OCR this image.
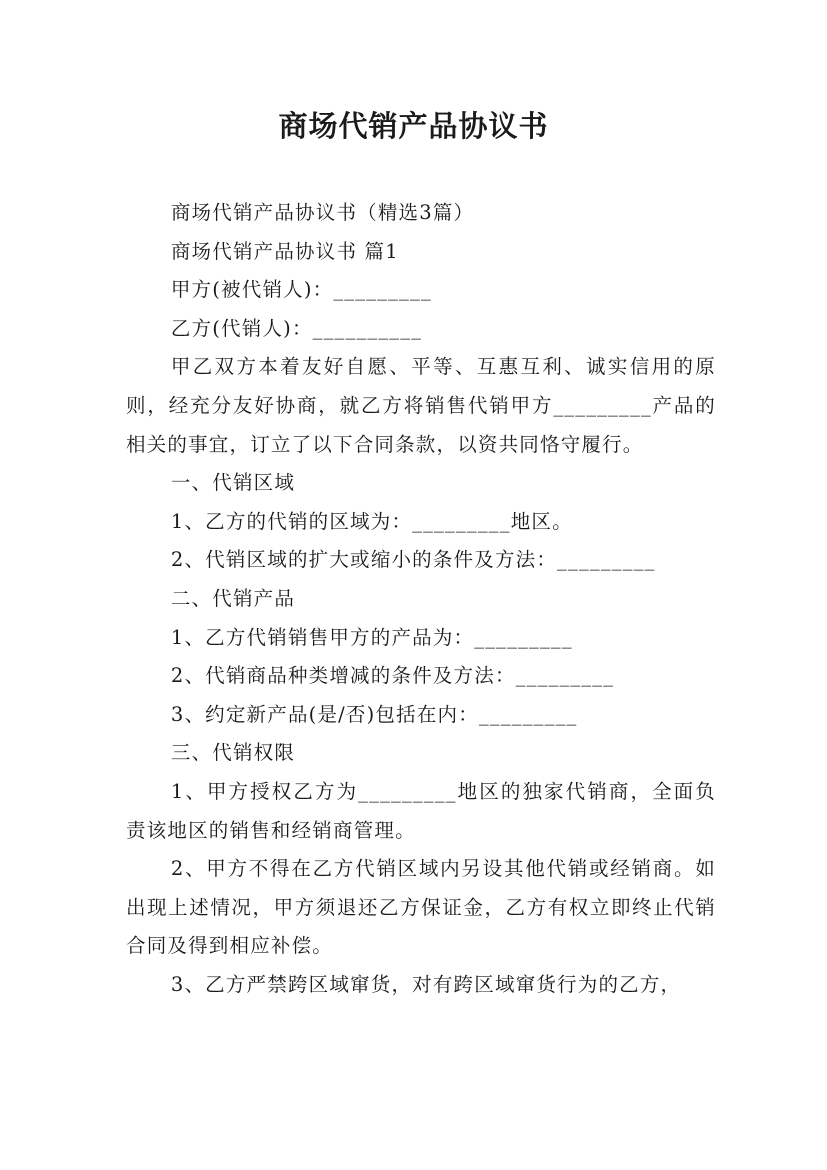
商场代销产品协议书

商场代销产品协议书（精选3篇）

商场代销产品协议书 篇1

甲方(被代销人)：_________

乙方(代销人)：__________

甲乙双方本着友好自愿、平等、互惠互利、诚实信用的原则，经充分友好协商，就乙方将销售代销甲方_________产品的相关的事宜，订立了以下合同条款，以资共同恪守履行。

一、代销区域

1、乙方的代销的区域为：_________地区。

2、代销区域的扩大或缩小的条件及方法：_________

二、代销产品

1、乙方代销销售甲方的产品为：_________

2、代销商品种类增减的条件及方法：_________

3、约定新产品(是/否)包括在内：_________

三、代销权限

1、甲方授权乙方为_________地区的独家代销商，全面负责该地区的销售和经销商管理。

2、甲方不得在乙方代销区域内另设其他代销或经销商。如出现上述情况，甲方须退还乙方保证金，乙方有权立即终止代销合同及得到相应补偿。

3、乙方严禁跨区域窜货，对有跨区域窜货行为的乙方，
